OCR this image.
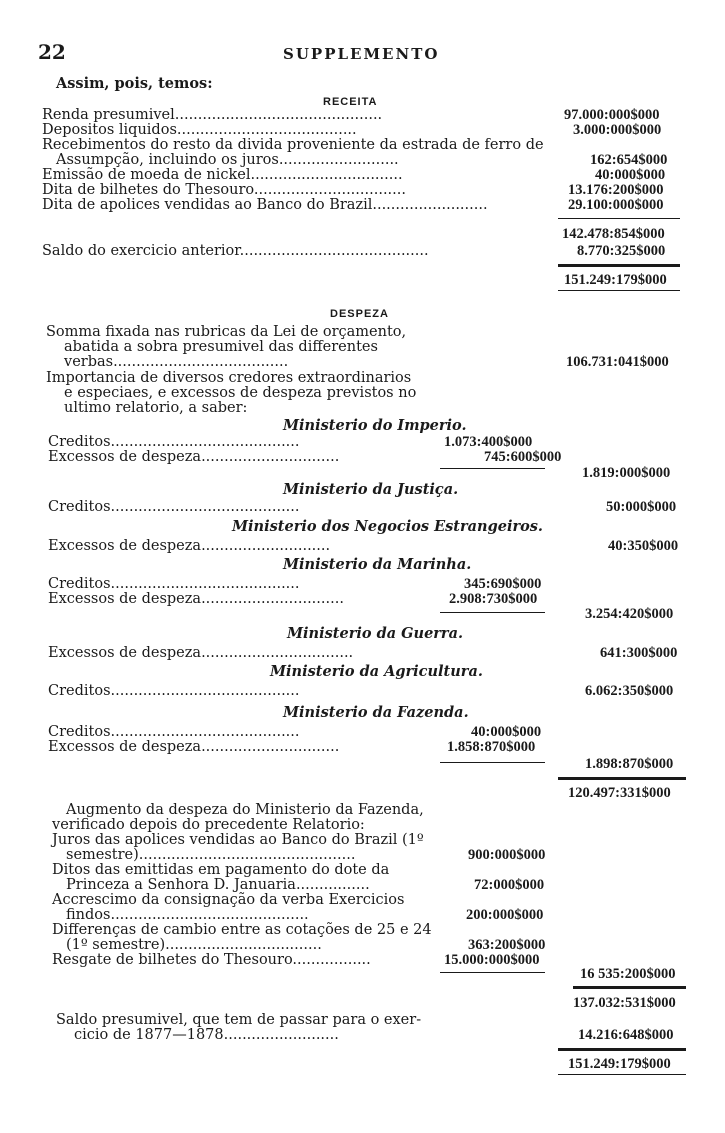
22	SUPPLEMENTO
Assim, pois, temos:
RECEITA
Renda presumivel.............................................	97.000:000$000
Depositos liquidos.......................................	3.000:000$000
Recebimentos do resto da divida proveniente da estrada de ferro de
Assumpção, incluindo os juros..........................	162:654$000
Emissão de moeda de nickel.................................	40:000$000
Dita de bilhetes do Thesouro.................................	13.176:200$000
Dita de apolices vendidas ao Banco do Brazil.........................	29.100:000$000
142.478:854$000
Saldo do exercicio anterior.........................................	8.770:325$000
151.249:179$000
DESPEZA
Somma fixada nas rubricas da Lei de orçamento,
abatida a sobra presumivel das differentes
verbas......................................	106.731:041$000
Importancia de diversos credores extraordinarios
e especiaes, e excessos de despeza previstos no
ultimo relatorio, a saber:
Ministerio do Imperio.
Creditos.........................................	1.073:400$000
Excessos de despeza..............................	745:600$000
1.819:000$000
Ministerio da Justiça.
Creditos.........................................	50:000$000
Ministerio dos Negocios Estrangeiros.
Excessos de despeza............................	40:350$000
Ministerio da Marinha.
Creditos.........................................	345:690$000
Excessos de despeza...............................	2.908:730$000
3.254:420$000
Ministerio da Guerra.
Excessos de despeza.................................	641:300$000
Ministerio da Agricultura.
Creditos.........................................	6.062:350$000
Ministerio da Fazenda.
Creditos.........................................	40:000$000
Excessos de despeza..............................	1.858:870$000
1.898:870$000
120.497:331$000
Augmento da despeza do Ministerio da Fazenda,
verificado depois do precedente Relatorio:
Juros das apolices vendidas ao Banco do Brazil (1º
semestre)...............................................	900:000$000
Ditos das emittidas em pagamento do dote da
Princeza a Senhora D. Januaria................	72:000$000
Accrescimo da consignação da verba Exercicios
findos...........................................	200:000$000
Differenças de cambio entre as cotações de 25 e 24
(1º semestre)..................................	363:200$000
Resgate de bilhetes do Thesouro.................	15.000:000$000
16 535:200$000
137.032:531$000
Saldo presumivel, que tem de passar para o exer-
cicio de 1877—1878.........................	14.216:648$000
151.249:179$000
